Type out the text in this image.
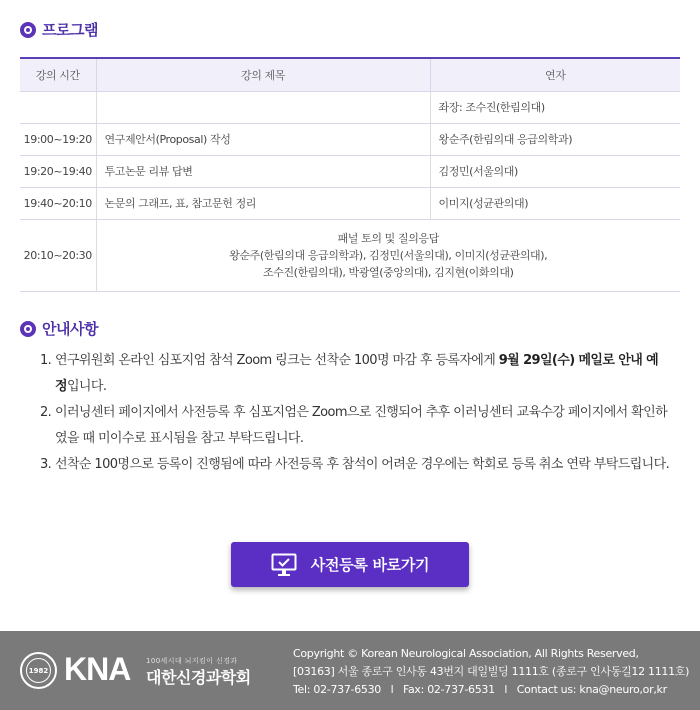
프로그램
강의 시간	강의 제목	연자
		좌장: 조수진(한림의대)
19:00~19:20	연구제안서(Proposal) 작성	왕순주(한림의대 응급의학과)
19:20~19:40	투고논문 리뷰 답변	김정민(서울의대)
19:40~20:10	논문의 그래프, 표, 참고문헌 정리	이미지(성균관의대)
20:10~20:30	패널 토의 및 질의응답
왕순주(한림의대 응급의학과), 김정민(서울의대), 이미지(성균관의대),
조수진(한림의대), 박광열(중앙의대), 김지현(이화의대)	
안내사항
1. 연구위원회 온라인 심포지엄 참석 Zoom 링크는 선착순 100명 마감 후 등록자에게 9월 29일(수) 메일로 안내 예정입니다.
2. 이러닝센터 페이지에서 사전등록 후 심포지엄은 Zoom으로 진행되어 추후 이러닝센터 교육수강 페이지에서 확인하였을 때 미이수로 표시됨을 참고 부탁드립니다.
3. 선착순 100명으로 등록이 진행됨에 따라 사전등록 후 참석이 어려운 경우에는 학회로 등록 취소 연락 부탁드립니다.
사전등록 바로가기
1982 KNA 100세시대 뇌지킴이 신경과
대한신경과학회
Copyright © Korean Neurological Association, All Rights Reserved,
[03163] 서울 종로구 인사동 43번지 대일빌딩 1111호 (종로구 인사동길12 1111호)
Tel: 02-737-6530   l   Fax: 02-737-6531   l   Contact us: kna@neuro,or,kr
